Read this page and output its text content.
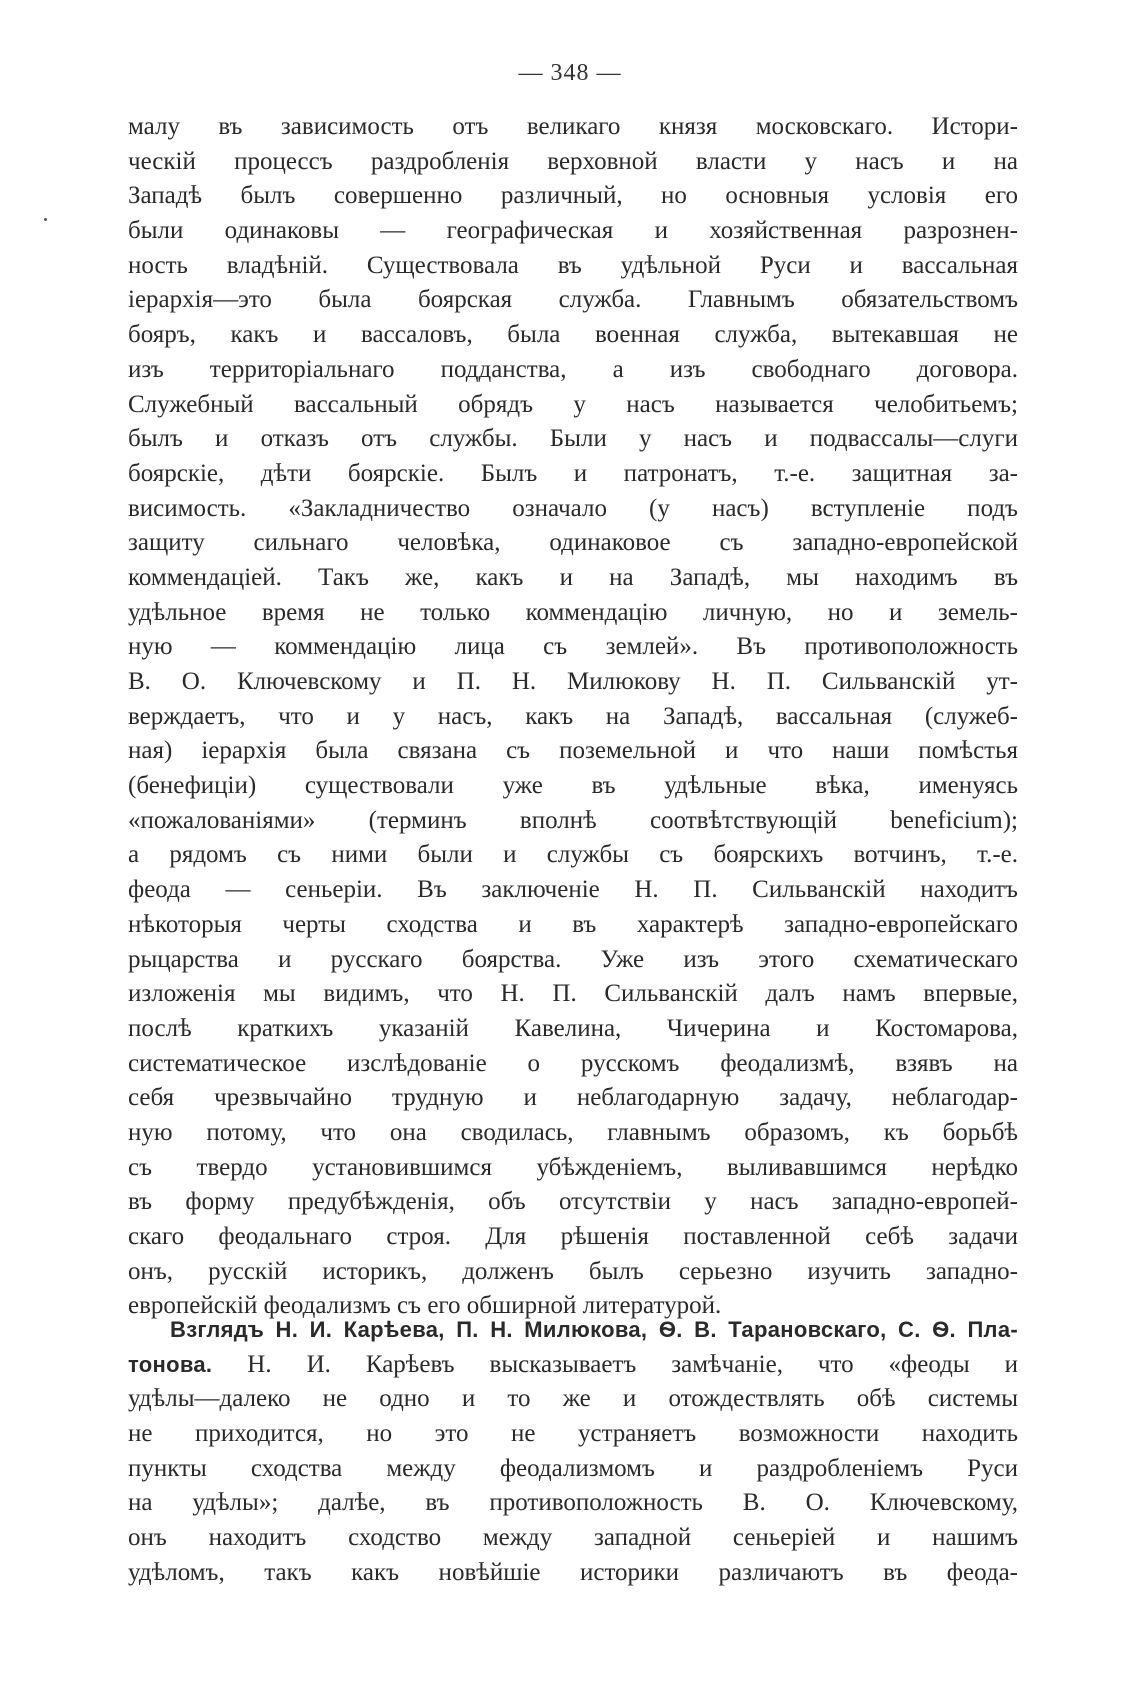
— 348 —
малу въ зависимость отъ великаго князя московскаго. Истори-
ческій процессъ раздробленія верховной власти у насъ и на
Западѣ былъ совершенно различный, но основныя условія его
были одинаковы — географическая и хозяйственная разрознен-
ность владѣній. Существовала въ удѣльной Руси и вассальная
іерархія—это была боярская служба. Главнымъ обязательствомъ
бояръ, какъ и вассаловъ, была военная служба, вытекавшая не
изъ территоріальнаго подданства, а изъ свободнаго договора.
Служебный вассальный обрядъ у насъ называется челобитьемъ;
былъ и отказъ отъ службы. Были у насъ и подвассалы—слуги
боярскіе, дѣти боярскіе. Былъ и патронатъ, т.-е. защитная за-
висимость. «Закладничество означало (у насъ) вступленіе подъ
защиту сильнаго человѣка, одинаковое съ западно-европейской
коммендаціей. Такъ же, какъ и на Западѣ, мы находимъ въ
удѣльное время не только коммендацію личную, но и земель-
ную — коммендацію лица съ землей». Въ противоположность
В. О. Ключевскому и П. Н. Милюкову Н. П. Сильванскій ут-
верждаетъ, что и у насъ, какъ на Западѣ, вассальная (служеб-
ная) іерархія была связана съ поземельной и что наши помѣстья
(бенефиціи) существовали уже въ удѣльные вѣка, именуясь
«пожалованіями» (терминъ вполнѣ соотвѣтствующій beneficium);
а рядомъ съ ними были и службы съ боярскихъ вотчинъ, т.-е.
феода — сеньеріи. Въ заключеніе Н. П. Сильванскій находитъ
нѣкоторыя черты сходства и въ характерѣ западно-европейскаго
рыцарства и русскаго боярства. Уже изъ этого схематическаго
изложенія мы видимъ, что Н. П. Сильванскій далъ намъ впервые,
послѣ краткихъ указаній Кавелина, Чичерина и Костомарова,
систематическое изслѣдованіе о русскомъ феодализмѣ, взявъ на
себя чрезвычайно трудную и неблагодарную задачу, неблагодар-
ную потому, что она сводилась, главнымъ образомъ, къ борьбѣ
съ твердо установившимся убѣжденіемъ, выливавшимся нерѣдко
въ форму предубѣжденія, объ отсутствіи у насъ западно-европей-
скаго феодальнаго строя. Для рѣшенія поставленной себѣ задачи
онъ, русскій историкъ, долженъ былъ серьезно изучить западно-
европейскій феодализмъ съ его обширной литературой.
Взглядъ Н. И. Карѣева, П. Н. Милюкова, Ѳ. В. Тарановскаго, С. Ѳ. Пла-
тонова. Н. И. Карѣевъ высказываетъ замѣчаніе, что «феоды и
удѣлы—далеко не одно и то же и отождествлять обѣ системы
не приходится, но это не устраняетъ возможности находить
пункты сходства между феодализмомъ и раздробленіемъ Руси
на удѣлы»; далѣе, въ противоположность В. О. Ключевскому,
онъ находитъ сходство между западной сеньеріей и нашимъ
удѣломъ, такъ какъ новѣйшіе историки различаютъ въ феода-
